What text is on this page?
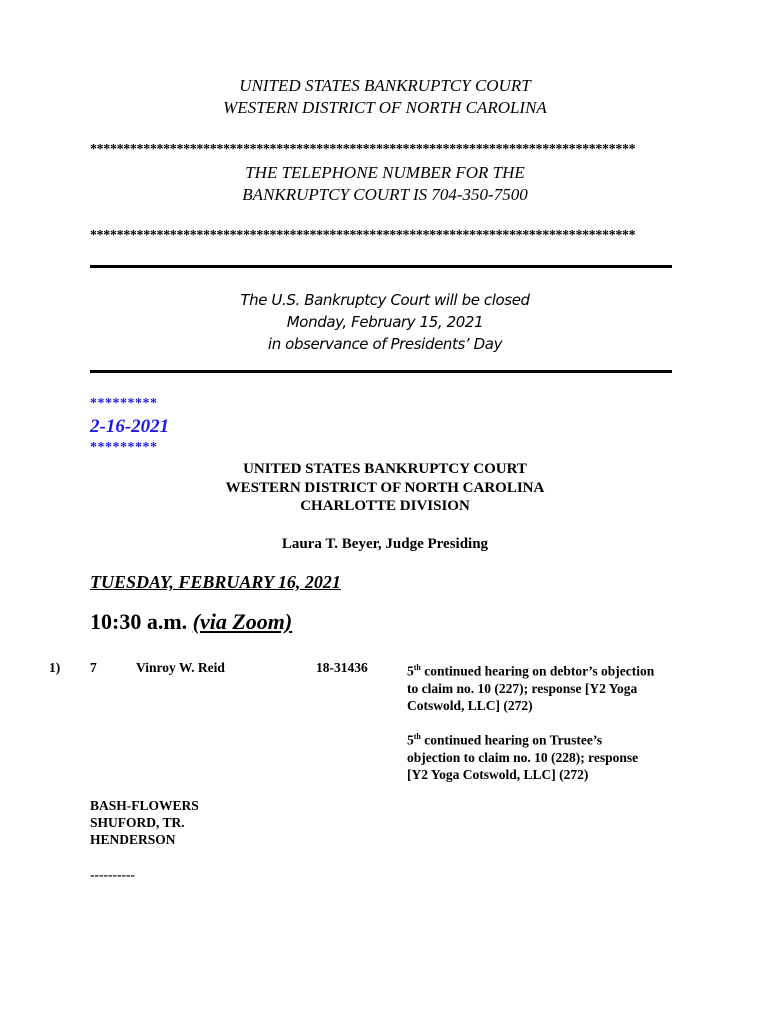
UNITED STATES BANKRUPTCY COURT
WESTERN DISTRICT OF NORTH CAROLINA
**********************************************************************************
THE TELEPHONE NUMBER FOR THE
BANKRUPTCY COURT IS 704-350-7500
**********************************************************************************
The U.S. Bankruptcy Court will be closed
Monday, February 15, 2021
in observance of Presidents’ Day
*********
2-16-2021
*********
UNITED STATES BANKRUPTCY COURT
WESTERN DISTRICT OF NORTH CAROLINA
CHARLOTTE DIVISION
Laura T. Beyer, Judge Presiding
TUESDAY, FEBRUARY 16, 2021
10:30 a.m. (via Zoom)
1) 7	Vinroy W. Reid	18-31436	5th continued hearing on debtor’s objection
to claim no. 10 (227); response [Y2 Yoga
Cotswold, LLC] (272)
5th continued hearing on Trustee’s
objection to claim no. 10 (228); response
[Y2 Yoga Cotswold, LLC] (272)
BASH-FLOWERS
SHUFORD, TR.
HENDERSON
----------
